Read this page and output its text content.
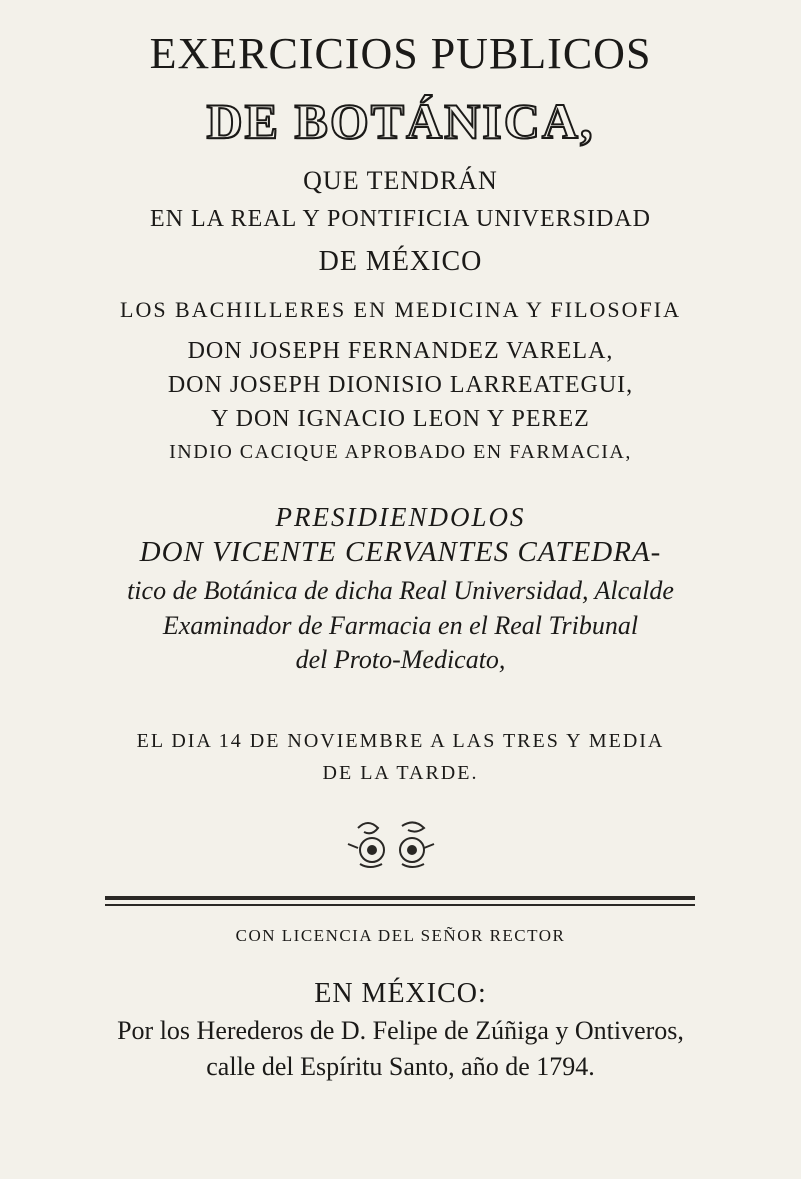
EXERCICIOS PUBLICOS
DE BOTÁNICA,
QUE TENDRÁN
EN LA REAL Y PONTIFICIA UNIVERSIDAD
DE MÉXICO
LOS BACHILLERES EN MEDICINA Y FILOSOFIA
DON JOSEPH FERNANDEZ VARELA,
DON JOSEPH DIONISIO LARREATEGUI,
Y DON IGNACIO LEON Y PEREZ
INDIO CACIQUE APROBADO EN FARMACIA,
PRESIDIENDOLOS
DON VICENTE CERVANTES CATEDRA-
tico de Botánica de dicha Real Universidad, Alcalde
Examinador de Farmacia en el Real Tribunal
del Proto-Medicato,
EL DIA 14 DE NOVIEMBRE A LAS TRES Y MEDIA
DE LA TARDE.
CON LICENCIA DEL SEÑOR RECTOR
EN MÉXICO:
Por los Herederos de D. Felipe de Zúñiga y Ontiveros,
calle del Espíritu Santo, año de 1794.
